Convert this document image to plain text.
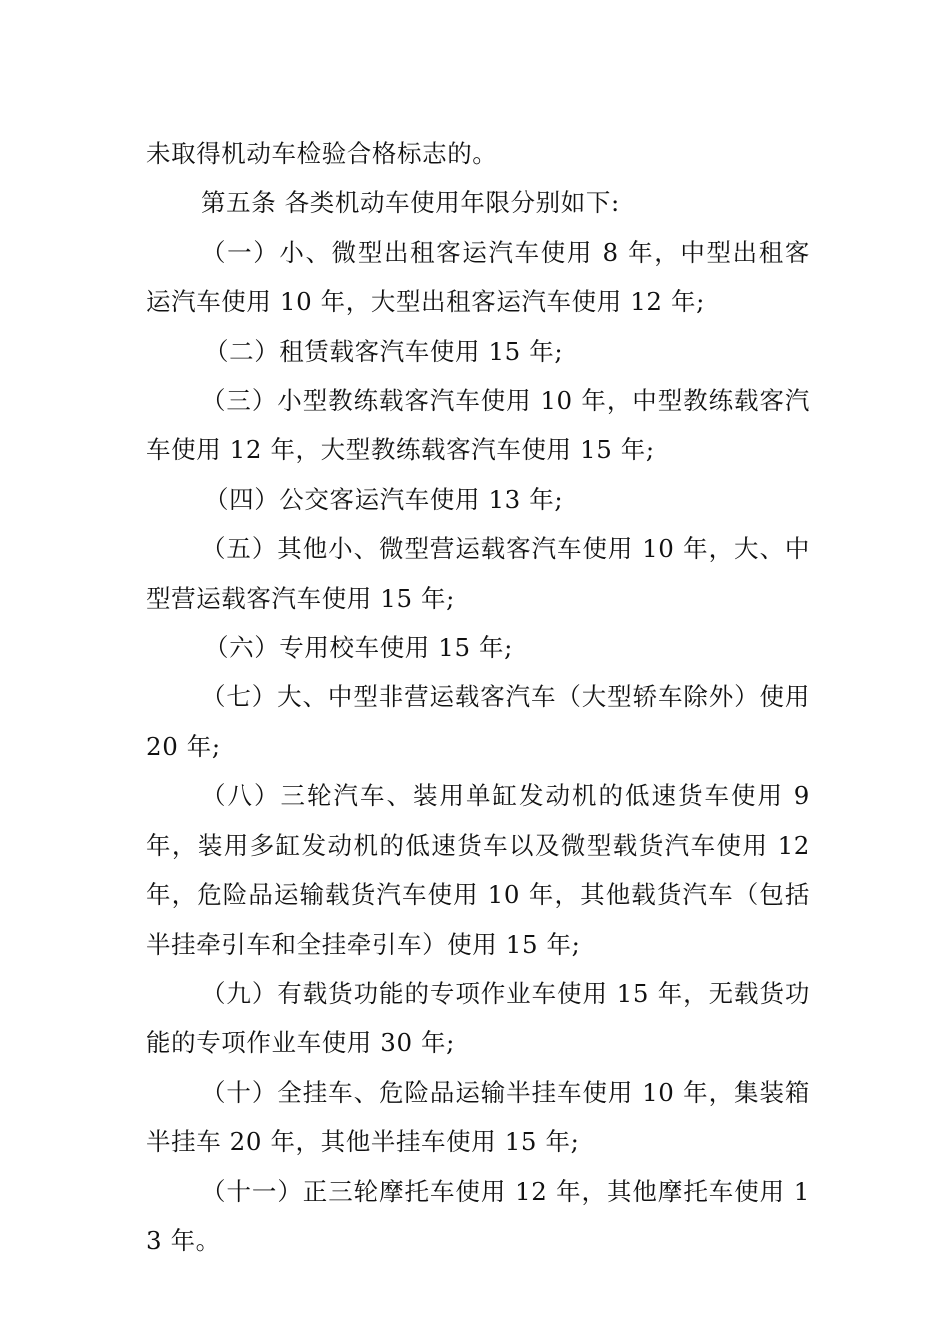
未取得机动车检验合格标志的。

第五条 各类机动车使用年限分别如下:

（一）小、微型出租客运汽车使用 8 年，中型出租客运汽车使用 10 年，大型出租客运汽车使用 12 年;

（二）租赁载客汽车使用 15 年;

（三）小型教练载客汽车使用 10 年，中型教练载客汽车使用 12 年，大型教练载客汽车使用 15 年;

（四）公交客运汽车使用 13 年;

（五）其他小、微型营运载客汽车使用 10 年，大、中型营运载客汽车使用 15 年;

（六）专用校车使用 15 年;

（七）大、中型非营运载客汽车（大型轿车除外）使用 20 年;

（八）三轮汽车、装用单缸发动机的低速货车使用 9 年，装用多缸发动机的低速货车以及微型载货汽车使用 12 年，危险品运输载货汽车使用 10 年，其他载货汽车（包括半挂牵引车和全挂牵引车）使用 15 年;

（九）有载货功能的专项作业车使用 15 年，无载货功能的专项作业车使用 30 年;

（十）全挂车、危险品运输半挂车使用 10 年，集装箱半挂车 20 年，其他半挂车使用 15 年;

（十一）正三轮摩托车使用 12 年，其他摩托车使用 13 年。
